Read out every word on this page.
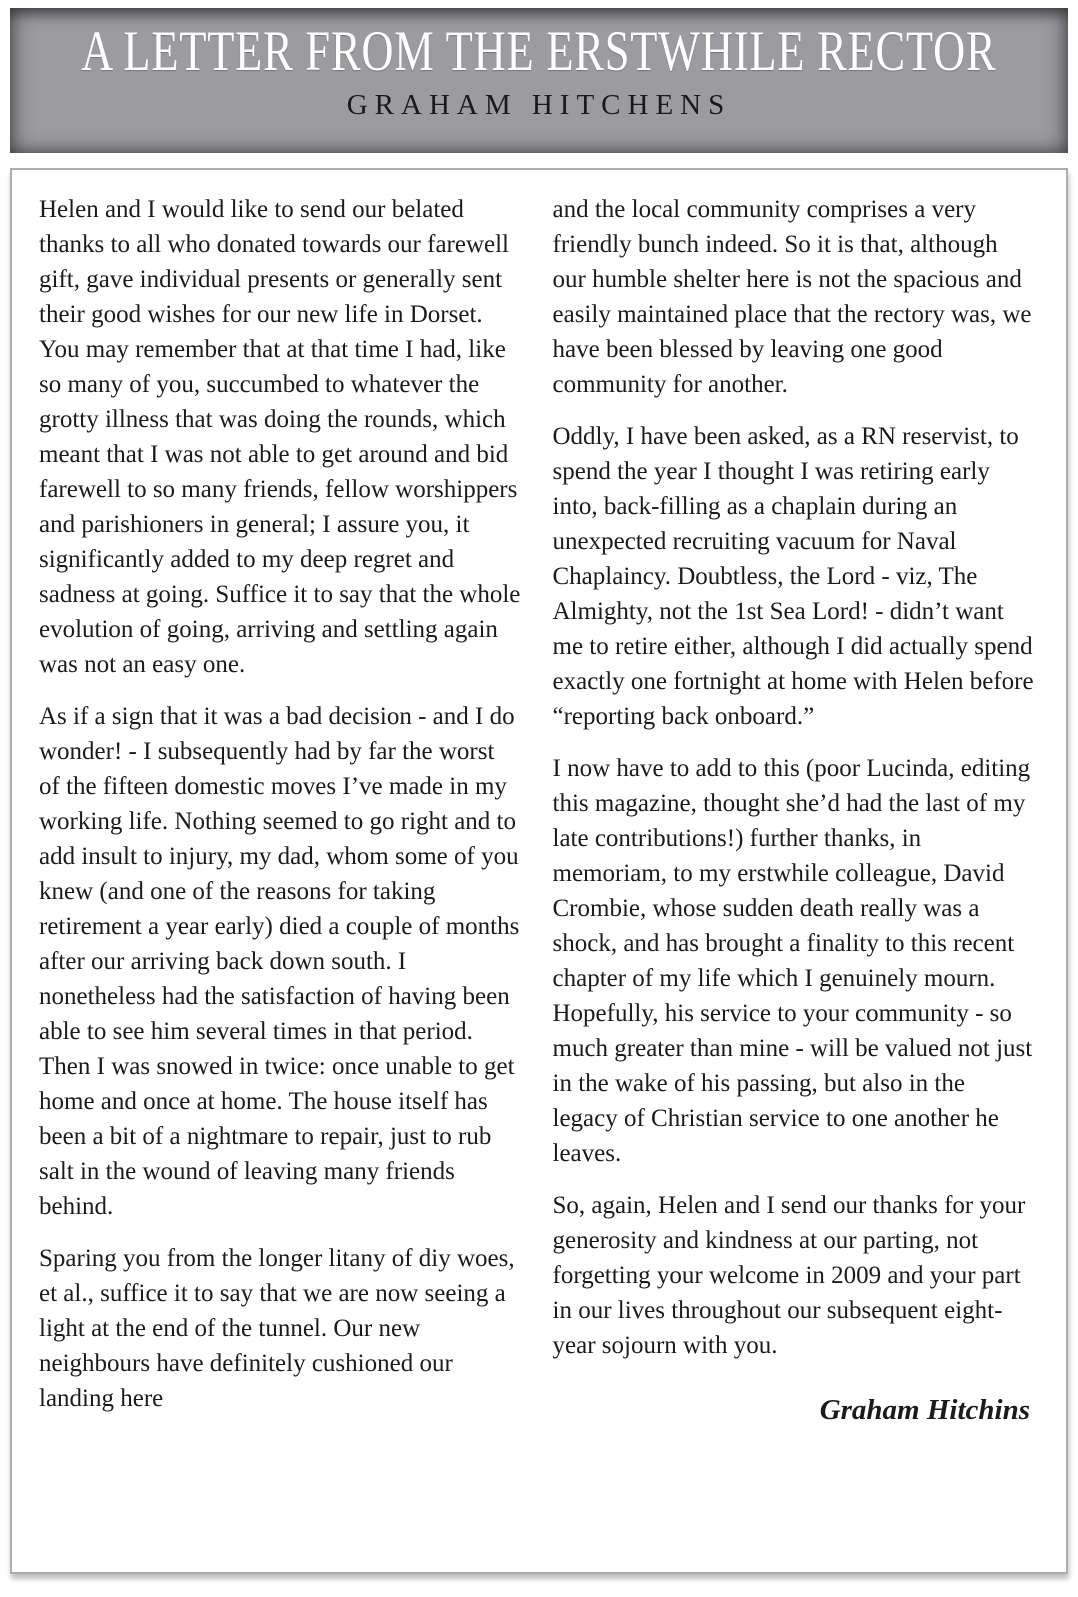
A LETTER FROM THE ERSTWHILE RECTOR
GRAHAM HITCHENS

Helen and I would like to send our belated thanks to all who donated towards our farewell gift, gave individual presents or generally sent their good wishes for our new life in Dorset. You may remember that at that time I had, like so many of you, succumbed to whatever the grotty illness that was doing the rounds, which meant that I was not able to get around and bid farewell to so many friends, fellow worshippers and parishioners in general; I assure you, it significantly added to my deep regret and sadness at going. Suffice it to say that the whole evolution of going, arriving and settling again was not an easy one.

As if a sign that it was a bad decision - and I do wonder! - I subsequently had by far the worst of the fifteen domestic moves I’ve made in my working life. Nothing seemed to go right and to add insult to injury, my dad, whom some of you knew (and one of the reasons for taking retirement a year early) died a couple of months after our arriving back down south. I nonetheless had the satisfaction of having been able to see him several times in that period. Then I was snowed in twice: once unable to get home and once at home. The house itself has been a bit of a nightmare to repair, just to rub salt in the wound of leaving many friends behind.

Sparing you from the longer litany of diy woes, et al., suffice it to say that we are now seeing a light at the end of the tunnel. Our new neighbours have definitely cushioned our landing here

and the local community comprises a very friendly bunch indeed. So it is that, although our humble shelter here is not the spacious and easily maintained place that the rectory was, we have been blessed by leaving one good community for another.

Oddly, I have been asked, as a RN reservist, to spend the year I thought I was retiring early into, back-filling as a chaplain during an unexpected recruiting vacuum for Naval Chaplaincy. Doubtless, the Lord - viz, The Almighty, not the 1st Sea Lord! - didn’t want me to retire either, although I did actually spend exactly one fortnight at home with Helen before “reporting back onboard.”

I now have to add to this (poor Lucinda, editing this magazine, thought she’d had the last of my late contributions!) further thanks, in memoriam, to my erstwhile colleague, David Crombie, whose sudden death really was a shock, and has brought a finality to this recent chapter of my life which I genuinely mourn. Hopefully, his service to your community - so much greater than mine - will be valued not just in the wake of his passing, but also in the legacy of Christian service to one another he leaves.

So, again, Helen and I send our thanks for your generosity and kindness at our parting, not forgetting your welcome in 2009 and your part in our lives throughout our subsequent eight-year sojourn with you.

Graham Hitchins
